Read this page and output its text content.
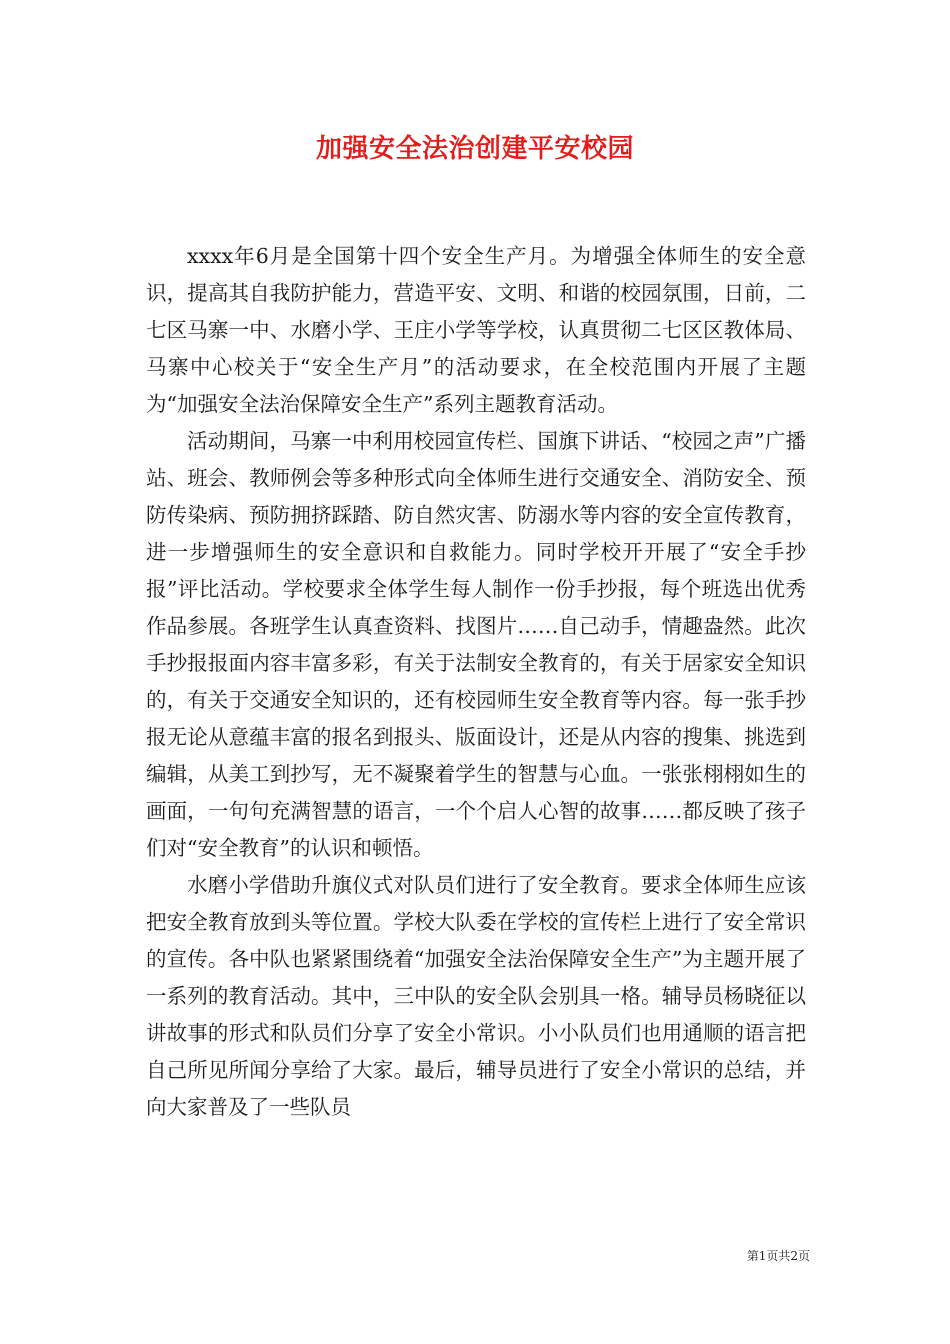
加强安全法治创建平安校园

xxxx年6月是全国第十四个安全生产月。为增强全体师生的安全意识，提高其自我防护能力，营造平安、文明、和谐的校园氛围，日前，二七区马寨一中、水磨小学、王庄小学等学校，认真贯彻二七区区教体局、马寨中心校关于“安全生产月”的活动要求，在全校范围内开展了主题为“加强安全法治保障安全生产”系列主题教育活动。

活动期间，马寨一中利用校园宣传栏、国旗下讲话、“校园之声”广播站、班会、教师例会等多种形式向全体师生进行交通安全、消防安全、预防传染病、预防拥挤踩踏、防自然灾害、防溺水等内容的安全宣传教育，进一步增强师生的安全意识和自救能力。同时学校开开展了“安全手抄报”评比活动。学校要求全体学生每人制作一份手抄报，每个班选出优秀作品参展。各班学生认真查资料、找图片……自己动手，情趣盎然。此次手抄报报面内容丰富多彩，有关于法制安全教育的，有关于居家安全知识的，有关于交通安全知识的，还有校园师生安全教育等内容。每一张手抄报无论从意蕴丰富的报名到报头、版面设计，还是从内容的搜集、挑选到编辑，从美工到抄写，无不凝聚着学生的智慧与心血。一张张栩栩如生的画面，一句句充满智慧的语言，一个个启人心智的故事……都反映了孩子们对“安全教育”的认识和顿悟。

水磨小学借助升旗仪式对队员们进行了安全教育。要求全体师生应该把安全教育放到头等位置。学校大队委在学校的宣传栏上进行了安全常识的宣传。各中队也紧紧围绕着“加强安全法治保障安全生产”为主题开展了一系列的教育活动。其中，三中队的安全队会别具一格。辅导员杨晓征以讲故事的形式和队员们分享了安全小常识。小小队员们也用通顺的语言把自己所见所闻分享给了大家。最后，辅导员进行了安全小常识的总结，并向大家普及了一些队员

第1页共2页
